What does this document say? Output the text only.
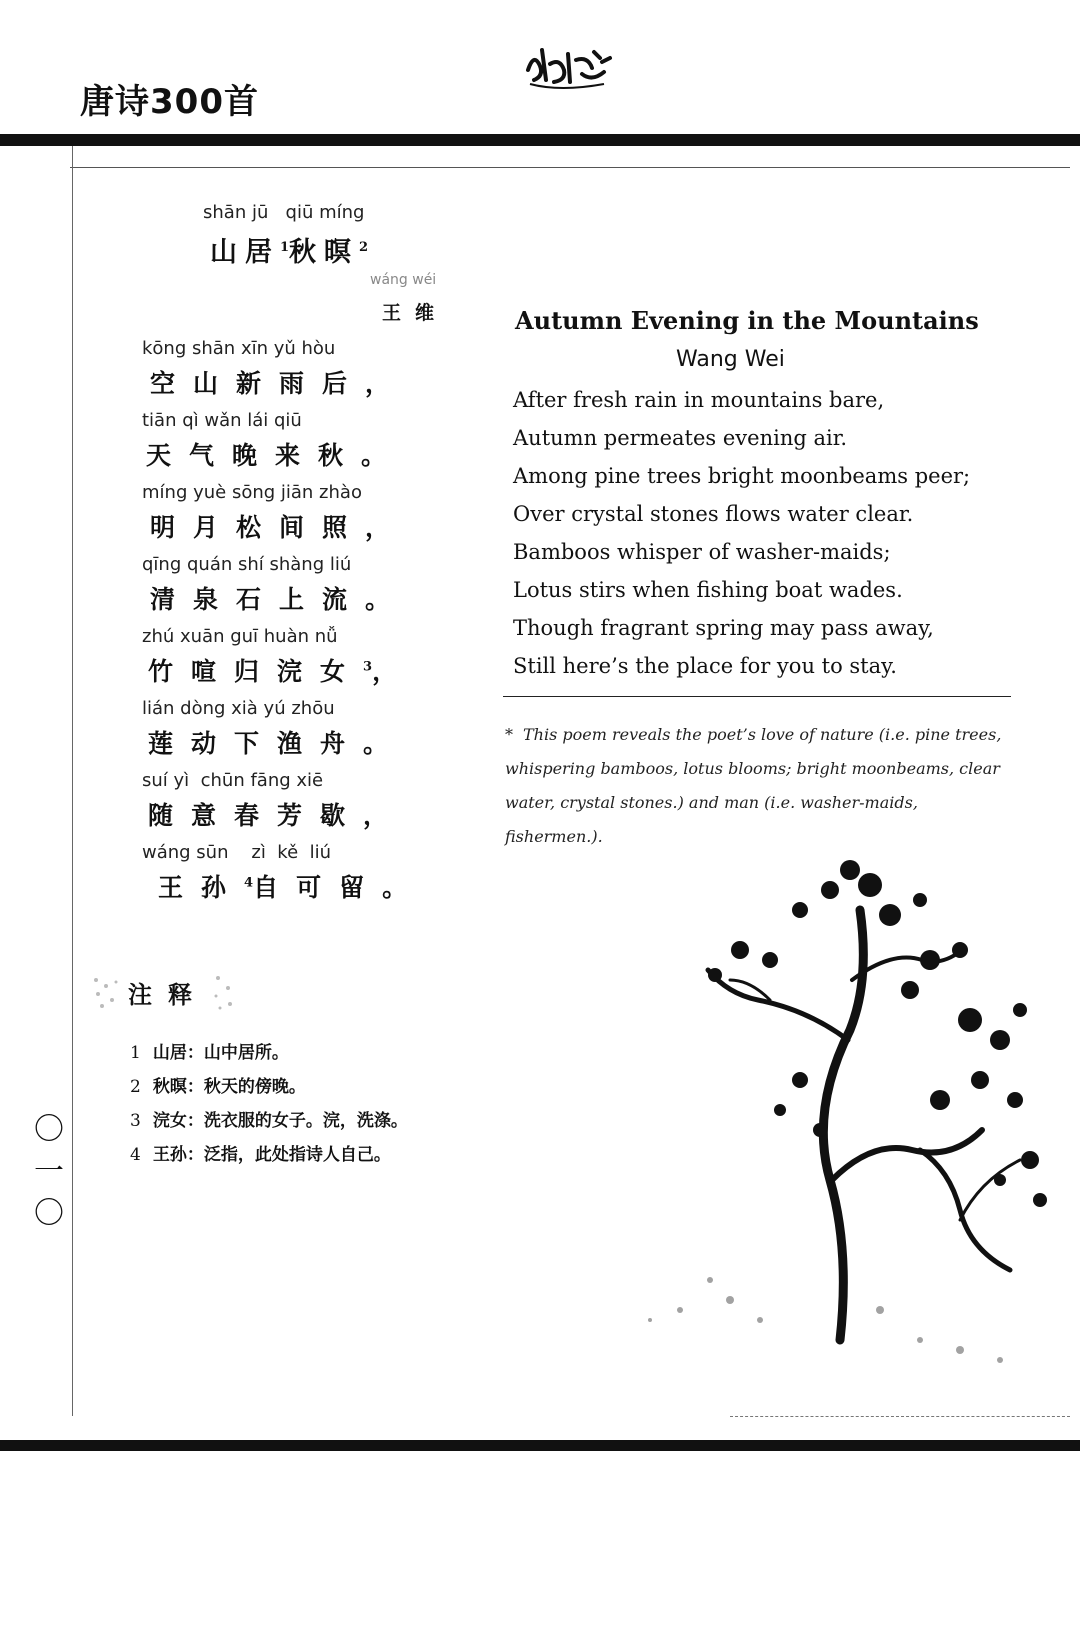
唐诗300首
shān jū   qiū míng
山居$^1$秋暝$^2$
wáng wéi
王维
kōng shān xīn yǔ hòu
空山新雨后，
tiān qì wǎn lái qiū
天气晚来秋。
míng yuè sōng jiān zhào
明月松间照，
qīng quán shí shàng liú
清泉石上流。
zhú xuān guī huàn nǚ
竹喧归浣女$^3$，
lián dòng xià yú zhōu
莲动下渔舟。
suí yì  chūn fāng xiē
随意春芳歇，
wáng sūn    zì  kě  liú
王孙$^4$自可留。
Autumn Evening in the Mountains
Wang Wei
After fresh rain in mountains bare,
Autumn permeates evening air.
Among pine trees bright moonbeams peer;
Over crystal stones flows water clear.
Bamboos whisper of washer-maids;
Lotus stirs when fishing boat wades.
Though fragrant spring may pass away,
Still here’s the place for you to stay.
* This poem reveals the poet’s love of nature (i.e. pine trees, whispering bamboos, lotus blooms; bright moonbeams, clear water, crystal stones.) and man (i.e. washer-maids, fishermen.).
注释
1 山居：山中居所。
2 秋暝：秋天的傍晚。
3 浣女：洗衣服的女子。浣，洗涤。
4 王孙：泛指，此处指诗人自己。
〇
一
〇
